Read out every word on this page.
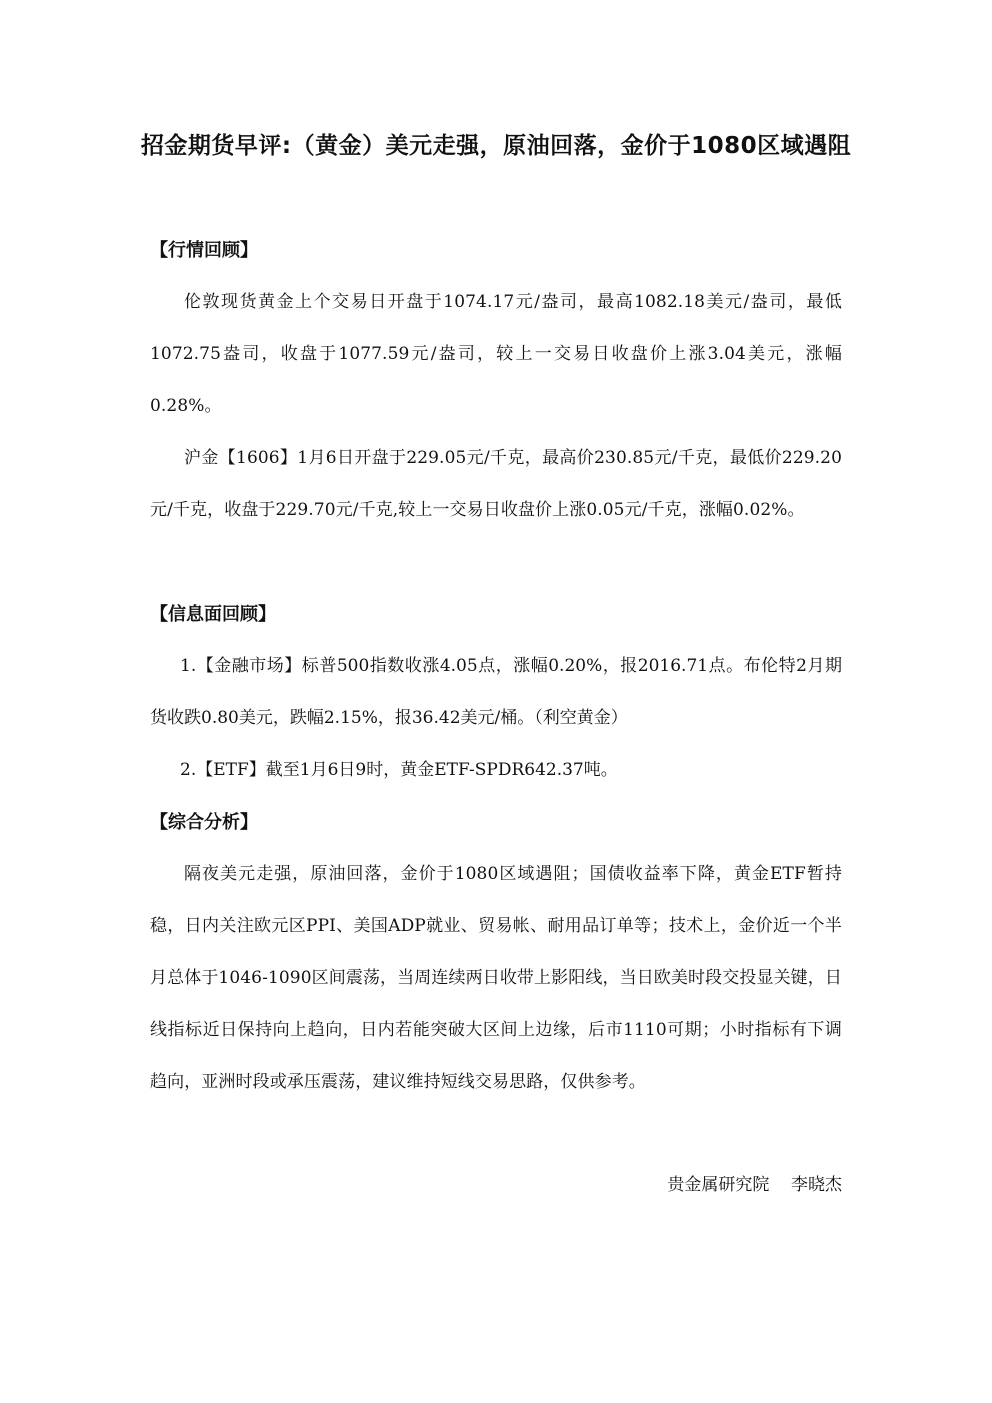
招金期货早评:（黄金）美元走强，原油回落，金价于1080区域遇阻
【行情回顾】
伦敦现货黄金上个交易日开盘于1074.17元/盎司，最高1082.18美元/盎司，最低1072.75盎司，收盘于1077.59元/盎司，较上一交易日收盘价上涨3.04美元，涨幅0.28%。
沪金【1606】1月6日开盘于229.05元/千克，最高价230.85元/千克，最低价229.20元/千克，收盘于229.70元/千克,较上一交易日收盘价上涨0.05元/千克，涨幅0.02%。
【信息面回顾】
1.【金融市场】标普500指数收涨4.05点，涨幅0.20%，报2016.71点。布伦特2月期货收跌0.80美元，跌幅2.15%，报36.42美元/桶。（利空黄金）
2.【ETF】截至1月6日9时，黄金ETF-SPDR642.37吨。
【综合分析】
隔夜美元走强，原油回落，金价于1080区域遇阻；国债收益率下降，黄金ETF暂持稳，日内关注欧元区PPI、美国ADP就业、贸易帐、耐用品订单等；技术上，金价近一个半月总体于1046-1090区间震荡，当周连续两日收带上影阳线，当日欧美时段交投显关键，日线指标近日保持向上趋向，日内若能突破大区间上边缘，后市1110可期；小时指标有下调趋向，亚洲时段或承压震荡，建议维持短线交易思路，仅供参考。
贵金属研究院    李晓杰
